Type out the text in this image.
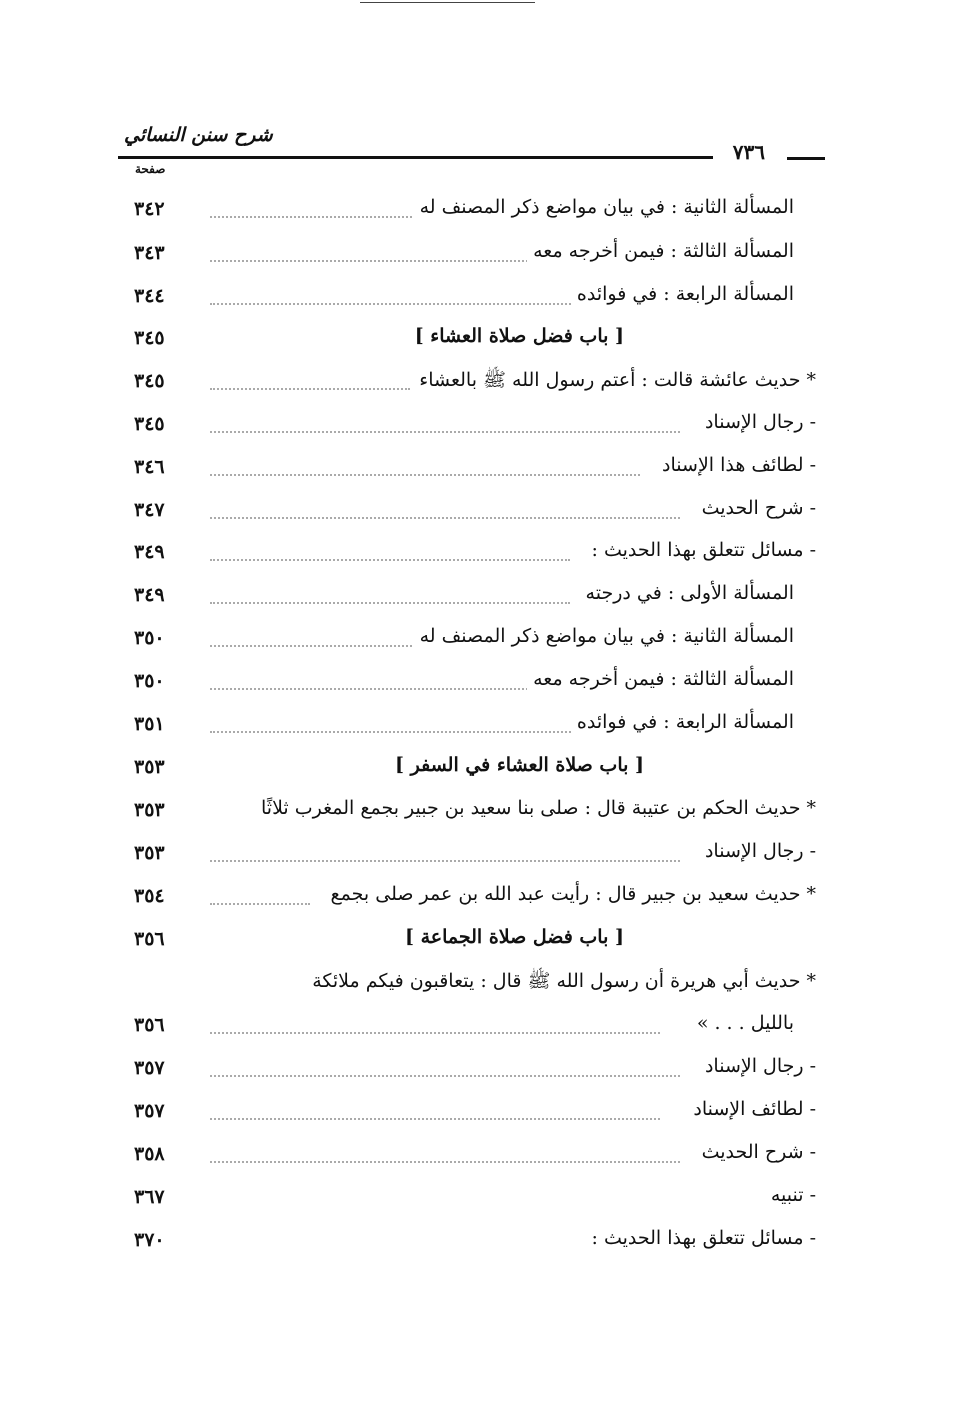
شرح سنن النسائي
٧٣٦
صفحة
٣٤٢	المسألة الثانية : في بيان مواضع ذكر المصنف له
٣٤٣	المسألة الثالثة : فيمن أخرجه معه
٣٤٤	المسألة الرابعة : في فوائده
٣٤٥	[ باب فضل صلاة العشاء ]
٣٤٥	* حديث عائشة قالت : أعتم رسول الله ﷺ بالعشاء
٣٤٥	- رجال الإسناد
٣٤٦	- لطائف هذا الإسناد
٣٤٧	- شرح الحديث
٣٤٩	- مسائل تتعلق بهذا الحديث :
٣٤٩	المسألة الأولى : في درجته
٣٥٠	المسألة الثانية : في بيان مواضع ذكر المصنف له
٣٥٠	المسألة الثالثة : فيمن أخرجه معه
٣٥١	المسألة الرابعة : في فوائده
٣٥٣	[ باب صلاة العشاء في السفر ]
٣٥٣	* حديث الحكم بن عتيبة قال : صلى بنا سعيد بن جبير بجمع المغرب ثلاثًا
٣٥٣	- رجال الإسناد
٣٥٤	* حديث سعيد بن جبير قال : رأيت عبد الله بن عمر صلى بجمع
٣٥٦	[ باب فضل صلاة الجماعة ]
* حديث أبي هريرة أن رسول الله ﷺ قال : يتعاقبون فيكم ملائكة
٣٥٦	بالليل . . . »
٣٥٧	- رجال الإسناد
٣٥٧	- لطائف الإسناد
٣٥٨	- شرح الحديث
٣٦٧	- تنبيه
٣٧٠	- مسائل تتعلق بهذا الحديث :
